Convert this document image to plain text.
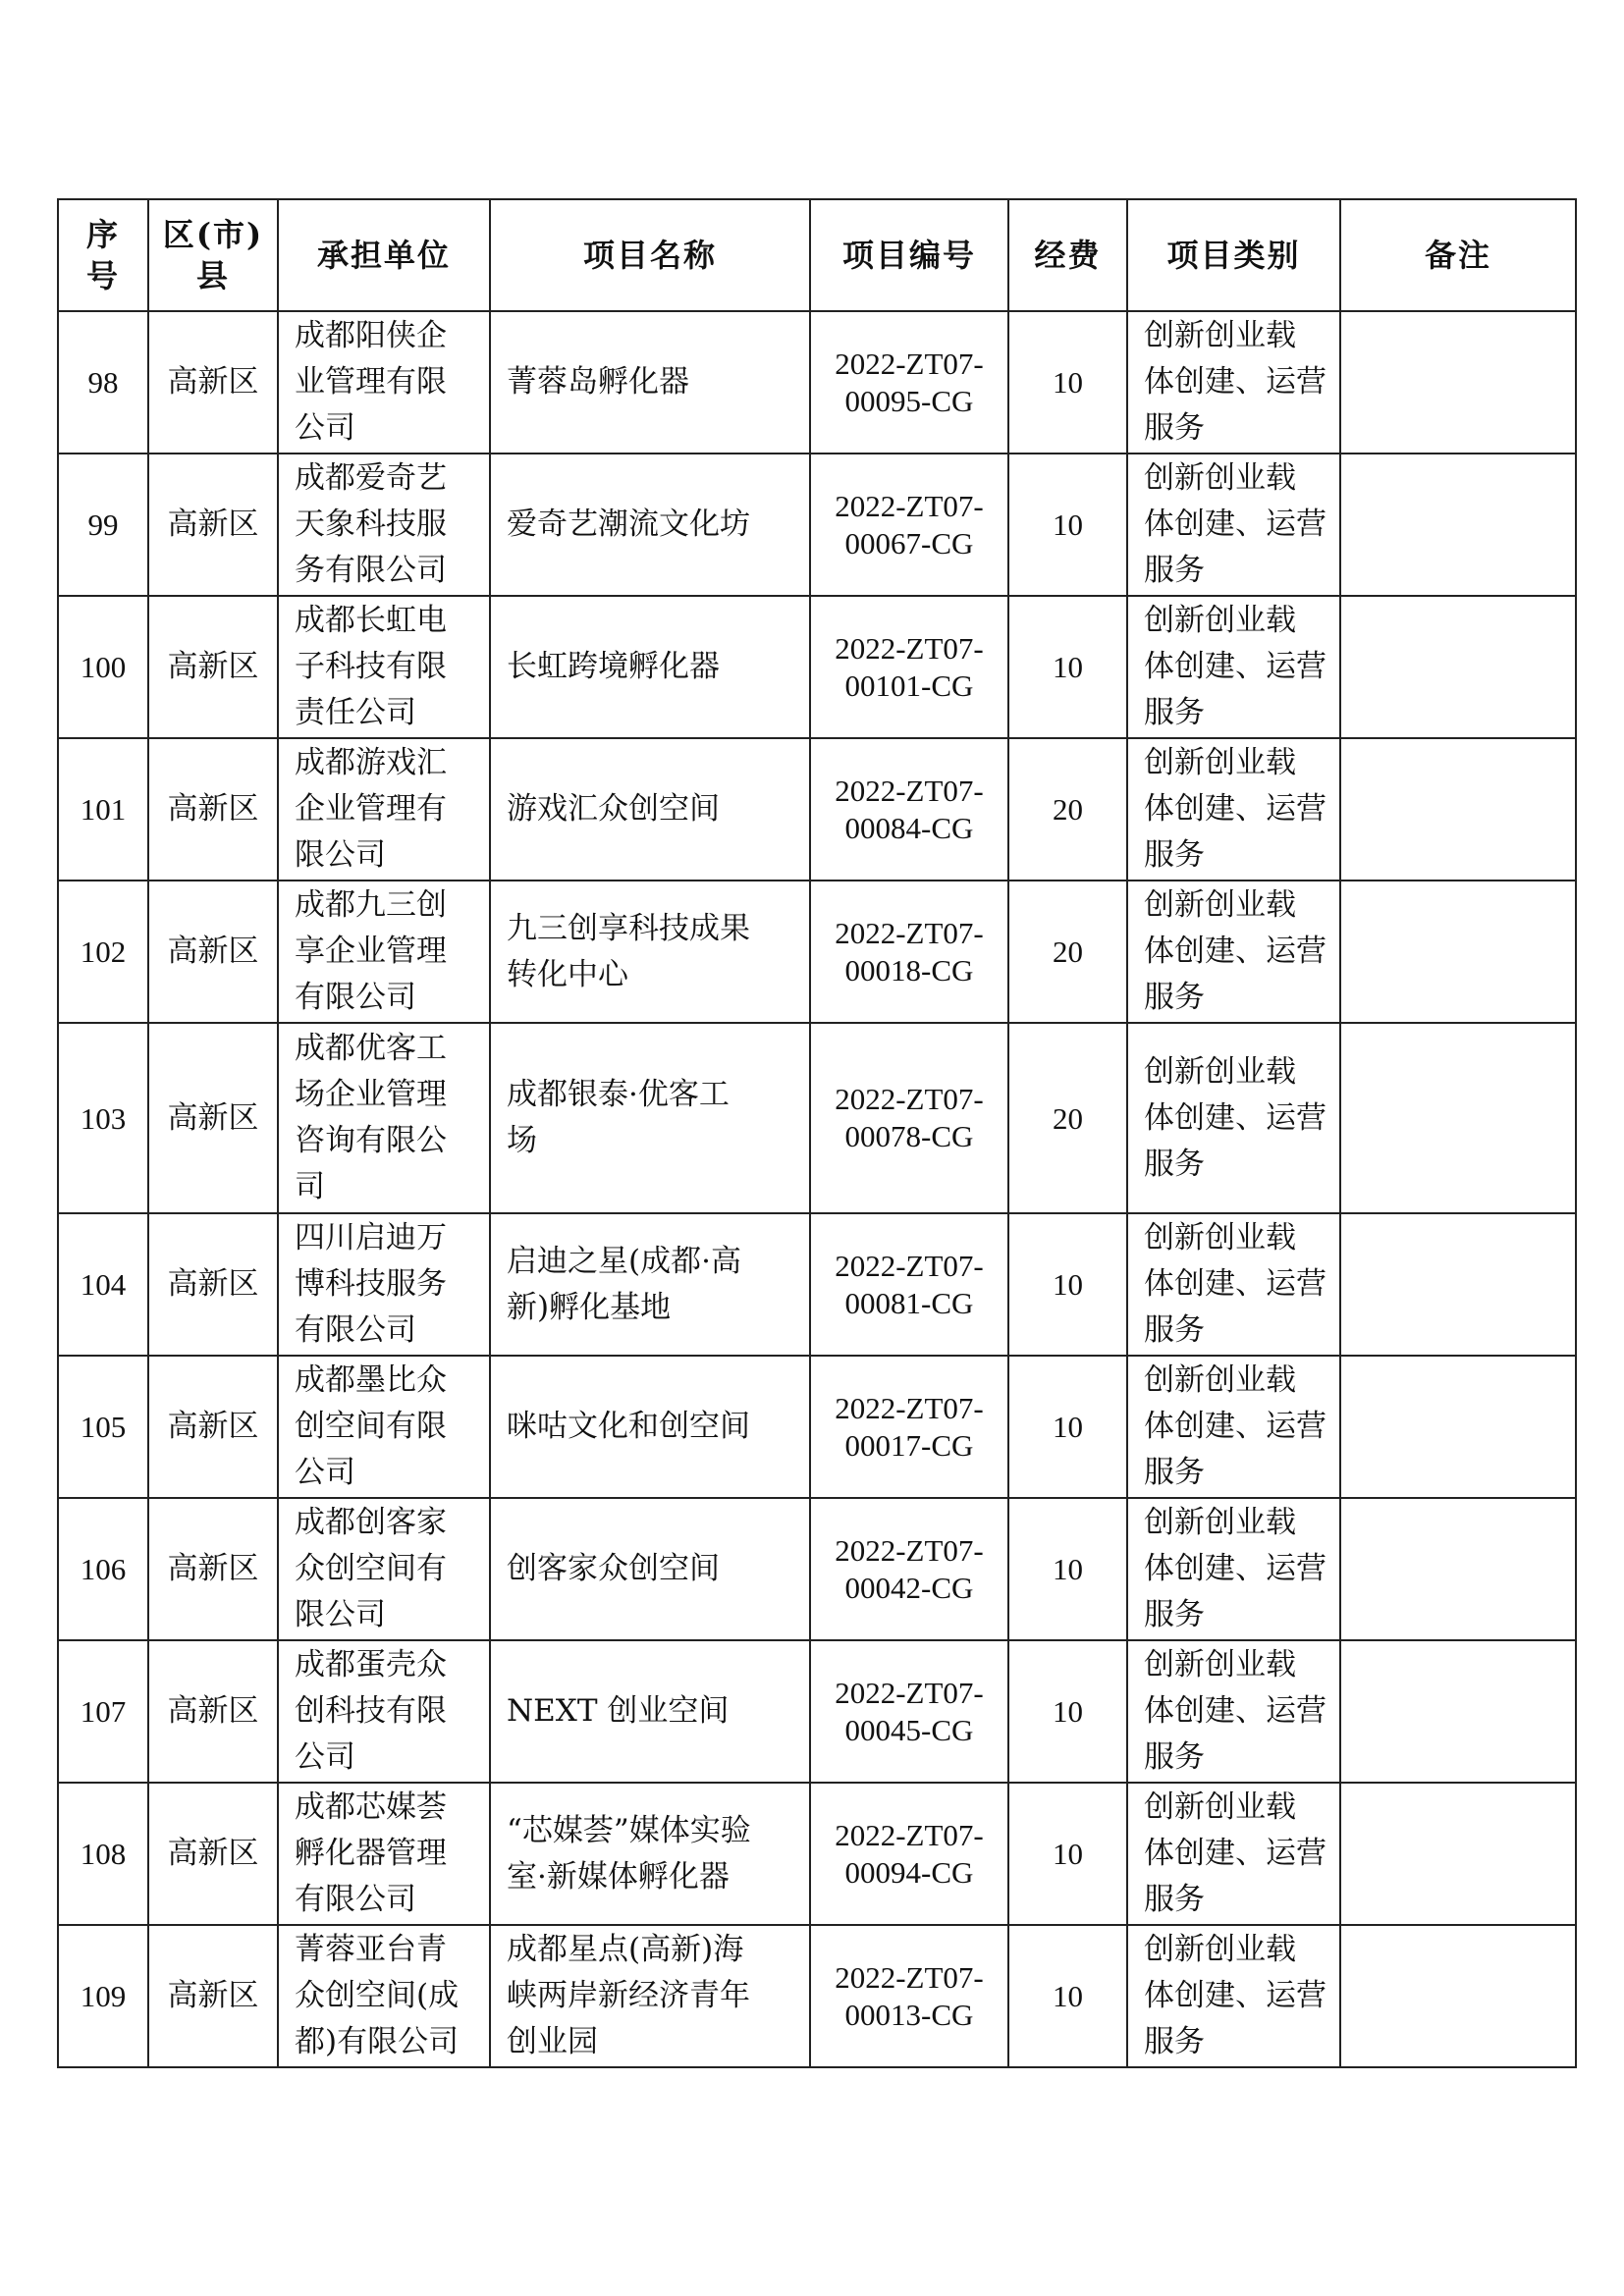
序
号	区(市)
县	承担单位	项目名称	项目编号	经费	项目类别	备注
98	高新区	成都阳侠企
业管理有限
公司	菁蓉岛孵化器	2022-ZT07-
00095-CG	10	创新创业载
体创建、运营
服务	
99	高新区	成都爱奇艺
天象科技服
务有限公司	爱奇艺潮流文化坊	2022-ZT07-
00067-CG	10	创新创业载
体创建、运营
服务	
100	高新区	成都长虹电
子科技有限
责任公司	长虹跨境孵化器	2022-ZT07-
00101-CG	10	创新创业载
体创建、运营
服务	
101	高新区	成都游戏汇
企业管理有
限公司	游戏汇众创空间	2022-ZT07-
00084-CG	20	创新创业载
体创建、运营
服务	
102	高新区	成都九三创
享企业管理
有限公司	九三创享科技成果
转化中心	2022-ZT07-
00018-CG	20	创新创业载
体创建、运营
服务	
103	高新区	成都优客工
场企业管理
咨询有限公
司	成都银泰·优客工
场	2022-ZT07-
00078-CG	20	创新创业载
体创建、运营
服务	
104	高新区	四川启迪万
博科技服务
有限公司	启迪之星(成都·高
新)孵化基地	2022-ZT07-
00081-CG	10	创新创业载
体创建、运营
服务	
105	高新区	成都墨比众
创空间有限
公司	咪咕文化和创空间	2022-ZT07-
00017-CG	10	创新创业载
体创建、运营
服务	
106	高新区	成都创客家
众创空间有
限公司	创客家众创空间	2022-ZT07-
00042-CG	10	创新创业载
体创建、运营
服务	
107	高新区	成都蛋壳众
创科技有限
公司	NEXT 创业空间	2022-ZT07-
00045-CG	10	创新创业载
体创建、运营
服务	
108	高新区	成都芯媒荟
孵化器管理
有限公司	“芯媒荟”媒体实验
室·新媒体孵化器	2022-ZT07-
00094-CG	10	创新创业载
体创建、运营
服务	
109	高新区	菁蓉亚台青
众创空间(成
都)有限公司	成都星点(高新)海
峡两岸新经济青年
创业园	2022-ZT07-
00013-CG	10	创新创业载
体创建、运营
服务	
